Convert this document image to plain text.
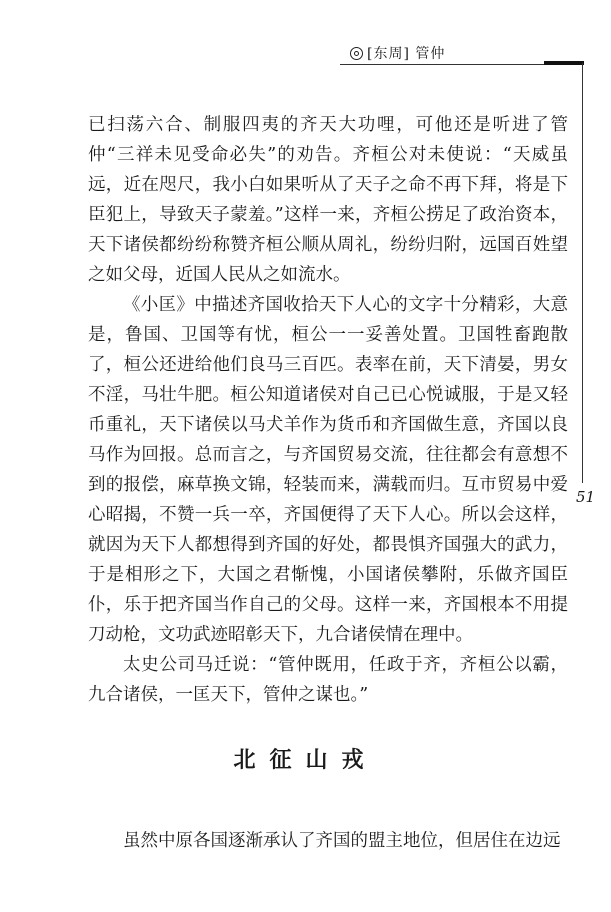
[东周] 管仲
51

已扫荡六合、制服四夷的齐天大功哩，可他还是听进了管仲“三祥未见受命必失”的劝告。齐桓公对未使说：“天威虽远，近在咫尺，我小白如果听从了天子之命不再下拜，将是下臣犯上，导致天子蒙羞。”这样一来，齐桓公捞足了政治资本，天下诸侯都纷纷称赞齐桓公顺从周礼，纷纷归附，远国百姓望之如父母，近国人民从之如流水。

《小匡》中描述齐国收拾天下人心的文字十分精彩，大意是，鲁国、卫国等有忧，桓公一一妥善处置。卫国牲畜跑散了，桓公还进给他们良马三百匹。表率在前，天下清晏，男女不淫，马壮牛肥。桓公知道诸侯对自己已心悦诚服，于是又轻币重礼，天下诸侯以马犬羊作为货币和齐国做生意，齐国以良马作为回报。总而言之，与齐国贸易交流，往往都会有意想不到的报偿，麻草换文锦，轻装而来，满载而归。互市贸易中爱心昭揭，不赞一兵一卒，齐国便得了天下人心。所以会这样，就因为天下人都想得到齐国的好处，都畏惧齐国强大的武力，于是相形之下，大国之君惭愧，小国诸侯攀附，乐做齐国臣仆，乐于把齐国当作自己的父母。这样一来，齐国根本不用提刀动枪，文功武迹昭彰天下，九合诸侯情在理中。

太史公司马迁说：“管仲既用，任政于齐，齐桓公以霸，九合诸侯，一匡天下，管仲之谋也。”

北征山戎

虽然中原各国逐渐承认了齐国的盟主地位，但居住在边远
